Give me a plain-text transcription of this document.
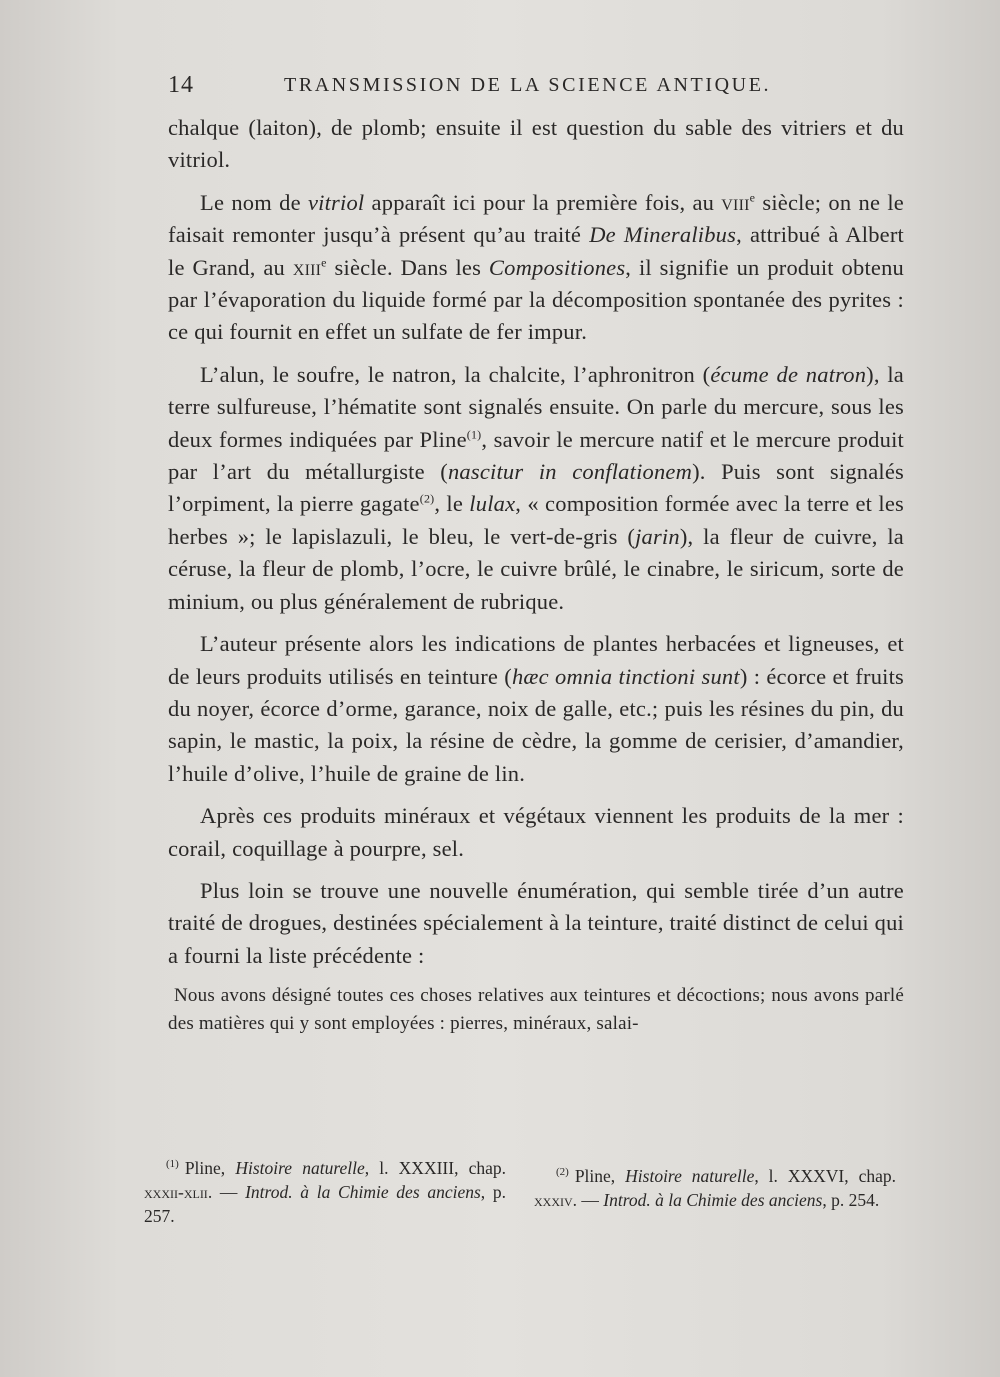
14	TRANSMISSION DE LA SCIENCE ANTIQUE.

chalque (laiton), de plomb; ensuite il est question du sable des vitriers et du vitriol.

Le nom de vitriol apparaît ici pour la première fois, au viii$^e$ siècle; on ne le faisait remonter jusqu’à présent qu’au traité De Mineralibus, attribué à Albert le Grand, au xiii$^e$ siècle. Dans les Compositiones, il signifie un produit obtenu par l’évaporation du liquide formé par la décomposition spontanée des pyrites : ce qui fournit en effet un sulfate de fer impur.

L’alun, le soufre, le natron, la chalcite, l’aphronitron (écume de natron), la terre sulfureuse, l’hématite sont signalés ensuite. On parle du mercure, sous les deux formes indiquées par Pline$^{(1)}$, savoir le mercure natif et le mercure produit par l’art du métallurgiste (nascitur in conflationem). Puis sont signalés l’orpiment, la pierre gagate$^{(2)}$, le lulax, « composition formée avec la terre et les herbes »; le lapislazuli, le bleu, le vert-de-gris (jarin), la fleur de cuivre, la céruse, la fleur de plomb, l’ocre, le cuivre brûlé, le cinabre, le siricum, sorte de minium, ou plus généralement de rubrique.

L’auteur présente alors les indications de plantes herbacées et ligneuses, et de leurs produits utilisés en teinture (hæc omnia tinctioni sunt) : écorce et fruits du noyer, écorce d’orme, garance, noix de galle, etc.; puis les résines du pin, du sapin, le mastic, la poix, la résine de cèdre, la gomme de cerisier, d’amandier, l’huile d’olive, l’huile de graine de lin.

Après ces produits minéraux et végétaux viennent les produits de la mer : corail, coquillage à pourpre, sel.

Plus loin se trouve une nouvelle énumération, qui semble tirée d’un autre traité de drogues, destinées spécialement à la teinture, traité distinct de celui qui a fourni la liste précédente :

Nous avons désigné toutes ces choses relatives aux teintures et décoctions; nous avons parlé des matières qui y sont employées : pierres, minéraux, salai-

$^{(1)}$ Pline, Histoire naturelle, l. XXXIII, chap. xxxii-xlii. — Introd. à la Chimie des anciens, p. 257.
$^{(2)}$ Pline, Histoire naturelle, l. XXXVI, chap. xxxiv. — Introd. à la Chimie des anciens, p. 254.
